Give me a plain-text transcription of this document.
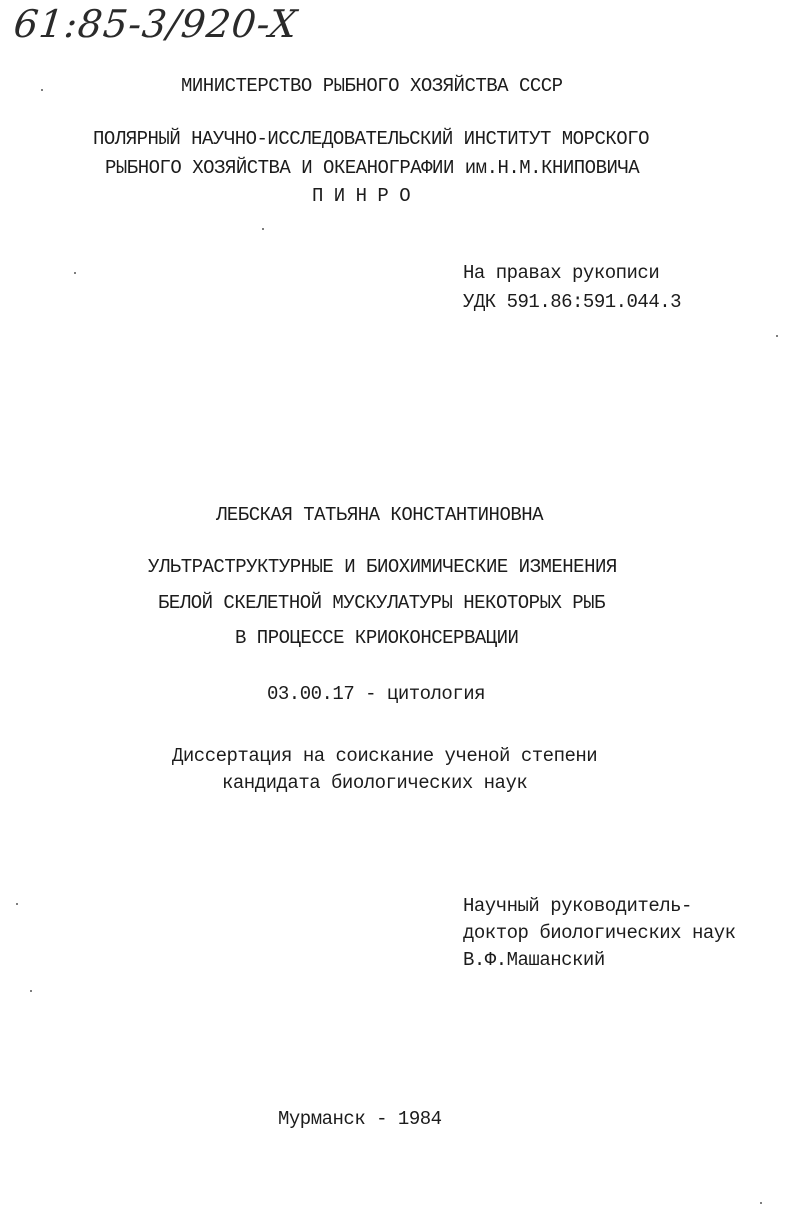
61:85-3/920-X
МИНИСТЕРСТВО РЫБНОГО ХОЗЯЙСТВА СССР
ПОЛЯРНЫЙ НАУЧНО-ИССЛЕДОВАТЕЛЬСКИЙ ИНСТИТУТ МОРСКОГО
РЫБНОГО ХОЗЯЙСТВА И ОКЕАНОГРАФИИ им.Н.М.КНИПОВИЧА
П И Н Р О
На правах рукописи
УДК 591.86:591.044.3
ЛЕБСКАЯ ТАТЬЯНА КОНСТАНТИНОВНА
УЛЬТРАСТРУКТУРНЫЕ И БИОХИМИЧЕСКИЕ ИЗМЕНЕНИЯ
БЕЛОЙ СКЕЛЕТНОЙ МУСКУЛАТУРЫ НЕКОТОРЫХ РЫБ
В ПРОЦЕССЕ КРИОКОНСЕРВАЦИИ
03.00.17 - цитология
Диссертация на соискание ученой степени
кандидата биологических наук
Научный руководитель-
доктор биологических наук
В.Ф.Машанский
Мурманск - 1984
